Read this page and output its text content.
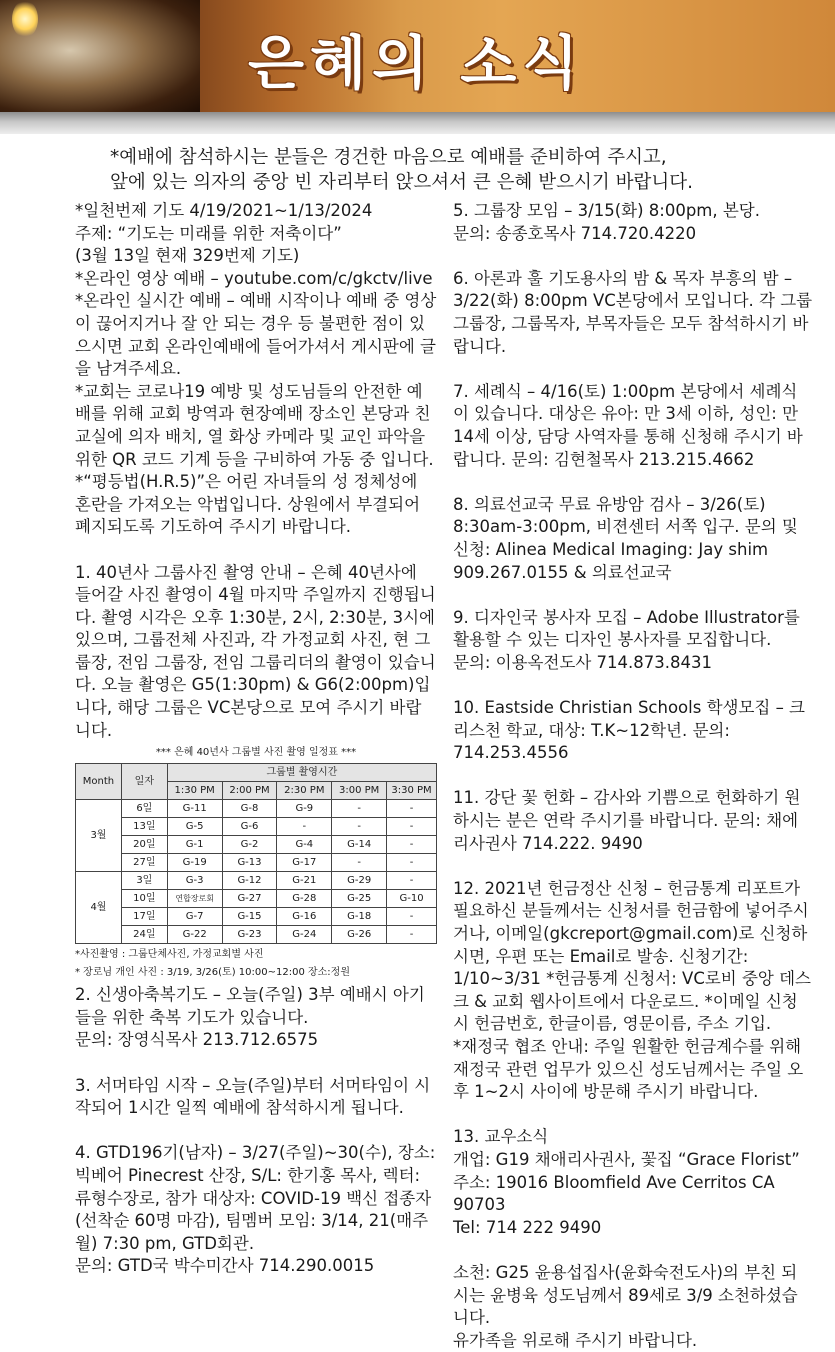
은혜의 소식
*예배에 참석하시는 분들은 경건한 마음으로 예배를 준비하여 주시고,
앞에 있는 의자의 중앙 빈 자리부터 앉으셔서 큰 은혜 받으시기 바랍니다.

*일천번제 기도 4/19/2021~1/13/2024
주제: “기도는 미래를 위한 저축이다”
(3월 13일 현재 329번제 기도)
*온라인 영상 예배 – youtube.com/c/gkctv/live
*온라인 실시간 예배 – 예배 시작이나 예배 중 영상이 끊어지거나 잘 안 되는 경우 등 불편한 점이 있으시면 교회 온라인예배에 들어가셔서 게시판에 글을 남겨주세요.
*교회는 코로나19 예방 및 성도님들의 안전한 예배를 위해 교회 방역과 현장예배 장소인 본당과 친 교실에 의자 배치, 열 화상 카메라 및 교인 파악을 위한 QR 코드 기계 등을 구비하여 가동 중 입니다.
*“평등법(H.R.5)”은 어린 자녀들의 성 정체성에 혼란을 가져오는 악법입니다. 상원에서 부결되어 폐지되도록 기도하여 주시기 바랍니다.

1. 40년사 그룹사진 촬영 안내 – 은혜 40년사에 들어갈 사진 촬영이 4월 마지막 주일까지 진행됩니다. 촬영 시각은 오후 1:30분, 2시, 2:30분, 3시에 있으며, 그룹전체 사진과, 각 가정교회 사진, 현 그룹장, 전임 그룹장, 전임 그룹리더의 촬영이 있습니다. 오늘 촬영은 G5(1:30pm) & G6(2:00pm)입니다, 해당 그룹은 VC본당으로 모여 주시기 바랍니다.

*** 은혜 40년사 그룹별 사진 촬영 일정표 ***
Month	일자	그룹별 촬영시간				
		1:30 PM	2:00 PM	2:30 PM	3:00 PM	3:30 PM
3월	6일	G-11	G-8	G-9	-	-
	13일	G-5	G-6	-	-	-
	20일	G-1	G-2	G-4	G-14	-
	27일	G-19	G-13	G-17	-	-
4월	3일	G-3	G-12	G-21	G-29	-
	10일	연합장로회	G-27	G-28	G-25	G-10
	17일	G-7	G-15	G-16	G-18	-
	24일	G-22	G-23	G-24	G-26	-
*사진촬영 : 그룹단체사진, 가정교회별 사진
* 장로님 개인 사진 : 3/19, 3/26(토) 10:00~12:00 장소:정원

2. 신생아축복기도 – 오늘(주일) 3부 예배시 아기들을 위한 축복 기도가 있습니다.
문의: 장영식목사 213.712.6575

3. 서머타임 시작 – 오늘(주일)부터 서머타임이 시작되어 1시간 일찍 예배에 참석하시게 됩니다.

4. GTD196기(남자) – 3/27(주일)~30(수), 장소: 빅베어 Pinecrest 산장, S/L: 한기홍 목사, 렉터: 류형수장로, 참가 대상자: COVID-19 백신 접종자 (선착순 60명 마감), 팀멤버 모임: 3/14, 21(매주월) 7:30 pm, GTD회관.
문의: GTD국 박수미간사 714.290.0015

5. 그룹장 모임 – 3/15(화) 8:00pm, 본당.
문의: 송종호목사 714.720.4220

6. 아론과 훌 기도용사의 밤 & 목자 부흥의 밤 – 3/22(화) 8:00pm VC본당에서 모입니다. 각 그룹 그룹장, 그룹목자, 부목자들은 모두 참석하시기 바랍니다.

7. 세례식 – 4/16(토) 1:00pm 본당에서 세례식이 있습니다. 대상은 유아: 만 3세 이하, 성인: 만 14세 이상, 담당 사역자를 통해 신청해 주시기 바랍니다. 문의: 김현철목사 213.215.4662

8. 의료선교국 무료 유방암 검사 – 3/26(토) 8:30am-3:00pm, 비젼센터 서쪽 입구. 문의 및 신청: Alinea Medical Imaging: Jay shim 909.267.0155 & 의료선교국

9. 디자인국 봉사자 모집 – Adobe Illustrator를 활용할 수 있는 디자인 봉사자를 모집합니다.
문의: 이용옥전도사 714.873.8431

10. Eastside Christian Schools 학생모집 – 크리스천 학교, 대상: T.K~12학년. 문의: 714.253.4556

11. 강단 꽃 헌화 – 감사와 기쁨으로 헌화하기 원하시는 분은 연락 주시기를 바랍니다. 문의: 채에리사권사 714.222. 9490

12. 2021년 헌금정산 신청 – 헌금통계 리포트가 필요하신 분들께서는 신청서를 헌금함에 넣어주시거나, 이메일(gkcreport@gmail.com)로 신청하시면, 우편 또는 Email로 발송. 신청기간: 1/10~3/31 *헌금통계 신청서: VC로비 중앙 데스크 & 교회 웹사이트에서 다운로드. *이메일 신청시 헌금번호, 한글이름, 영문이름, 주소 기입.
*재정국 협조 안내: 주일 원활한 헌금계수를 위해 재정국 관련 업무가 있으신 성도님께서는 주일 오후 1~2시 사이에 방문해 주시기 바랍니다.

13. 교우소식
개업: G19 채애리사권사, 꽃집 “Grace Florist”
주소: 19016 Bloomfield Ave Cerritos CA 90703
Tel: 714 222 9490

소천: G25 윤용섭집사(윤화숙전도사)의 부친 되시는 윤병육 성도님께서 89세로 3/9 소천하셨습니다.
유가족을 위로해 주시기 바랍니다.
